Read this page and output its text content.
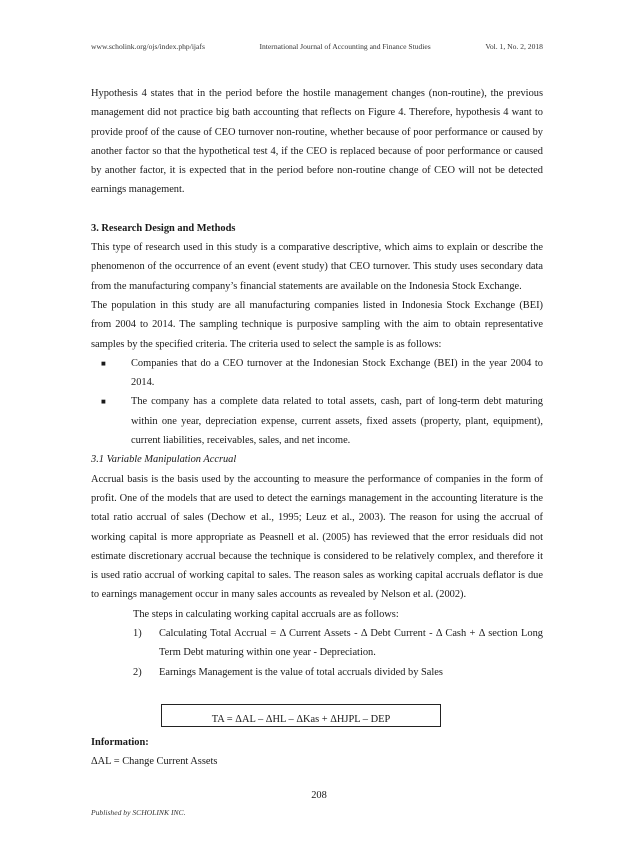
www.scholink.org/ojs/index.php/ijafs	International Journal of Accounting and Finance Studies	Vol. 1, No. 2, 2018

Hypothesis 4 states that in the period before the hostile management changes (non-routine), the previous management did not practice big bath accounting that reflects on Figure 4. Therefore, hypothesis 4 want to provide proof of the cause of CEO turnover non-routine, whether because of poor performance or caused by another factor so that the hypothetical test 4, if the CEO is replaced because of poor performance or caused by another factor, it is expected that in the period before non-routine change of CEO will not be detected earnings management.

3. Research Design and Methods

This type of research used in this study is a comparative descriptive, which aims to explain or describe the phenomenon of the occurrence of an event (event study) that CEO turnover. This study uses secondary data from the manufacturing company’s financial statements are available on the Indonesia Stock Exchange.

The population in this study are all manufacturing companies listed in Indonesia Stock Exchange (BEI) from 2004 to 2014. The sampling technique is purposive sampling with the aim to obtain representative samples by the specified criteria. The criteria used to select the sample is as follows:

■ Companies that do a CEO turnover at the Indonesian Stock Exchange (BEI) in the year 2004 to 2014.
■ The company has a complete data related to total assets, cash, part of long-term debt maturing within one year, depreciation expense, current assets, fixed assets (property, plant, equipment), current liabilities, receivables, sales, and net income.

3.1 Variable Manipulation Accrual

Accrual basis is the basis used by the accounting to measure the performance of companies in the form of profit. One of the models that are used to detect the earnings management in the accounting literature is the total ratio accrual of sales (Dechow et al., 1995; Leuz et al., 2003). The reason for using the accrual of working capital is more appropriate as Peasnell et al. (2005) has reviewed that the error residuals did not estimate discretionary accrual because the technique is considered to be relatively complex, and therefore it is used ratio accrual of working capital to sales. The reason sales as working capital accruals deflator is due to earnings management occur in many sales accounts as revealed by Nelson et al. (2002).

The steps in calculating working capital accruals are as follows:

1) Calculating Total Accrual = Δ Current Assets - Δ Debt Current - Δ Cash + Δ section Long Term Debt maturing within one year - Depreciation.
2) Earnings Management is the value of total accruals divided by Sales
TA = ΔAL – ΔHL – ΔKas + ΔHJPL – DEP

Information:

ΔAL = Change Current Assets

208
Published by SCHOLINK INC.
